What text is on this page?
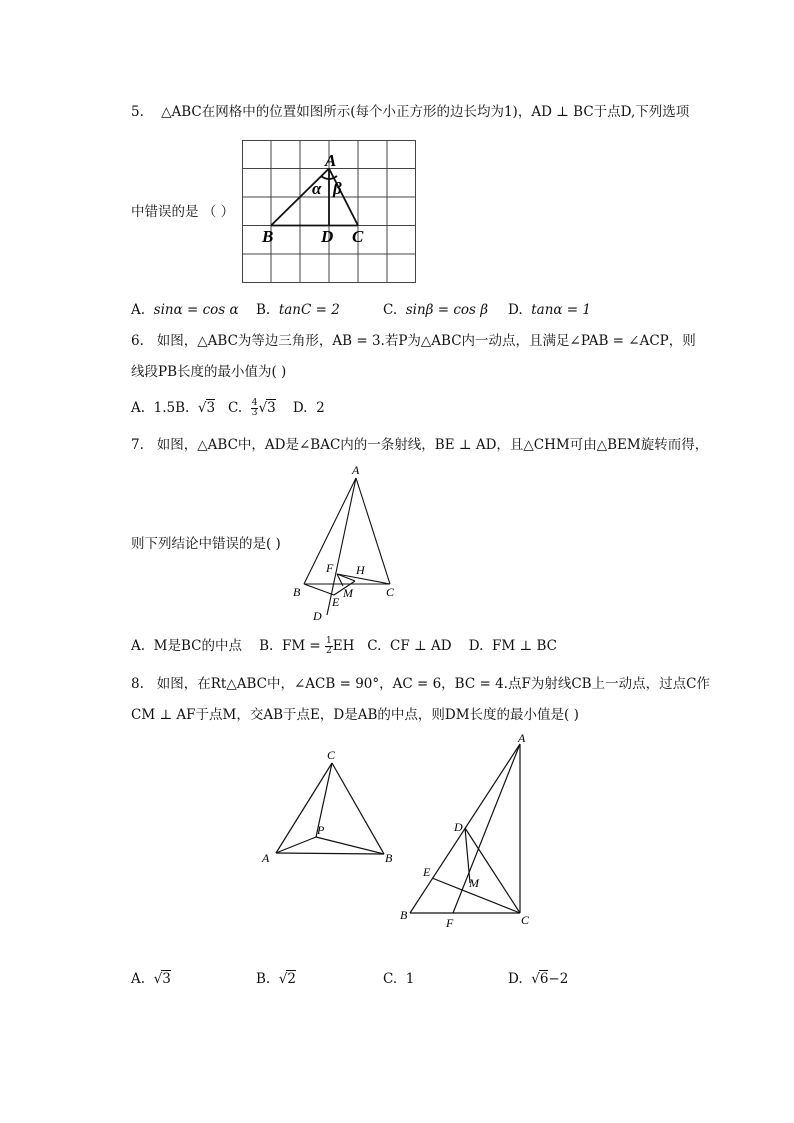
5. △ABC在网格中的位置如图所示(每个小正方形的边长均为1)，AD ⊥ BC于点D,下列选项
中错误的是 （ ）
A
α β
B	D C
A. sinα = cos α B. tanC = 2	C. sinβ = cos β D. tanα = 1
6. 如图，△ABC为等边三角形，AB = 3.若P为△ABC内一动点，且满足∠PAB = ∠ACP，则
线段PB长度的最小值为( )
A. 1.5B.  √3 C. $\frac{4}{3} √3$ D. 2
7. 如图，△ABC中，AD是∠BAC内的一条射线，BE ⊥ AD，且△CHM可由△BEM旋转而得，
则下列结论中错误的是( )
A
F H
M
B	C
E
D
A. M是BC的中点 B. FM = $\frac{1}{2}$ EH C. CF ⊥ AD D. FM ⊥ BC
8. 如图，在Rt△ABC中，∠ACB = 90°，AC = 6，BC = 4.点F为射线CB上一动点，过点C作
CM ⊥ AF于点M，交AB于点E，D是AB的中点，则DM长度的最小值是( )
C
P
A	B
A
D
E
M
B
F	C
A.  √3	B.  √2	C. 1	D.  √6−2
